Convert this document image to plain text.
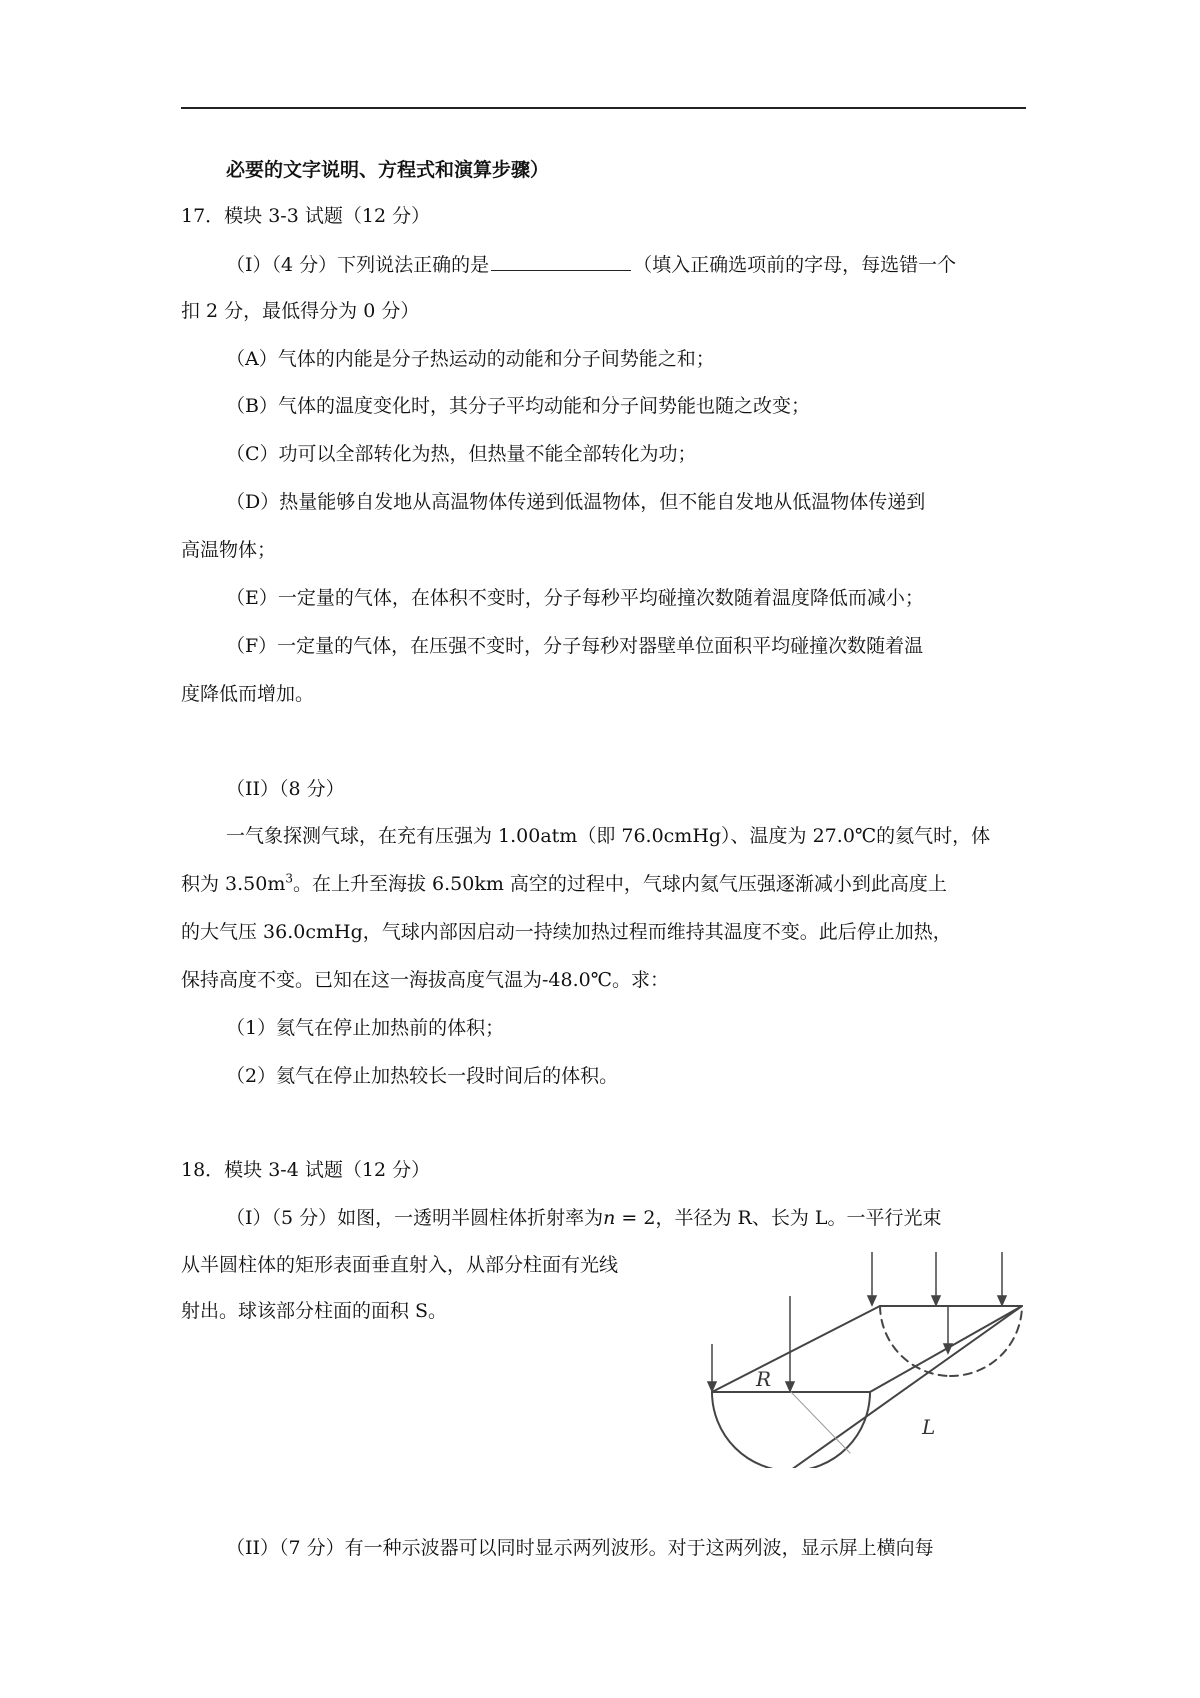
必要的文字说明、方程式和演算步骤）
17．模块 3-3 试题（12 分）
（I）（4 分）下列说法正确的是	（填入正确选项前的字母，每选错一个
扣 2 分，最低得分为 0 分）
（A）气体的内能是分子热运动的动能和分子间势能之和；
（B）气体的温度变化时，其分子平均动能和分子间势能也随之改变；
（C）功可以全部转化为热，但热量不能全部转化为功；
（D）热量能够自发地从高温物体传递到低温物体，但不能自发地从低温物体传递到
高温物体；
（E）一定量的气体，在体积不变时，分子每秒平均碰撞次数随着温度降低而减小；
（F）一定量的气体，在压强不变时，分子每秒对器壁单位面积平均碰撞次数随着温
度降低而增加。
（II）（8 分）
一气象探测气球，在充有压强为 1.00atm（即 76.0cmHg）、温度为 27.0℃的氦气时，体
积为 $3.50m^3$。在上升至海拔 6.50km 高空的过程中，气球内氦气压强逐渐减小到此高度上
的大气压 36.0cmHg，气球内部因启动一持续加热过程而维持其温度不变。此后停止加热，
保持高度不变。已知在这一海拔高度气温为-48.0℃。求：
（1）氦气在停止加热前的体积；
（2）氦气在停止加热较长一段时间后的体积。
18．模块 3-4 试题（12 分）
（I）（5 分）如图，一透明半圆柱体折射率为n = 2，半径为 R、长为 L。一平行光束
从半圆柱体的矩形表面垂直射入，从部分柱面有光线
射出。球该部分柱面的面积 S。
R
L
（II）（7 分）有一种示波器可以同时显示两列波形。对于这两列波，显示屏上横向每
